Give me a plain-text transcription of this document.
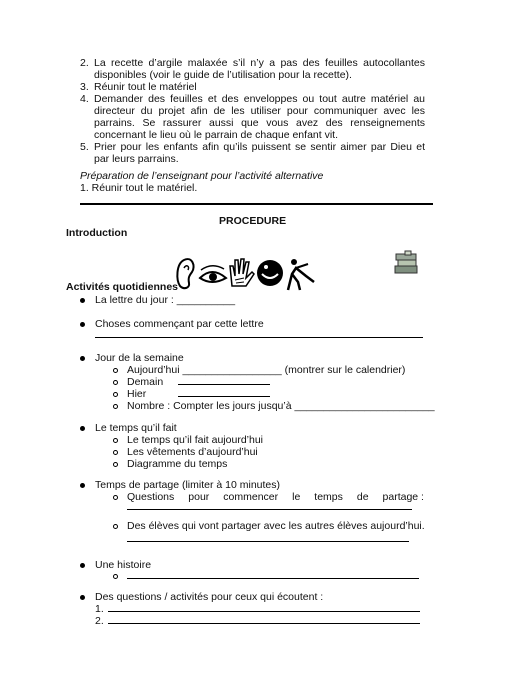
2. La recette d’argile malaxée s’il n’y a pas des feuilles autocollantes disponibles (voir le guide de l’utilisation pour la recette).
3. Réunir tout le matériel
4. Demander des feuilles et des enveloppes ou tout autre matériel au directeur du projet afin de les utiliser pour communiquer avec les parrains. Se rassurer aussi que vous avez des renseignements concernant le lieu où le parrain de chaque enfant vit.
5. Prier pour les enfants afin qu’ils puissent se sentir aimer par Dieu et par leurs parrains.
Préparation de l’enseignant pour l’activité alternative
1. Réunir tout le matériel.
PROCEDURE
Introduction
Activités quotidiennes
La lettre du jour : __________
Choses commençant par cette lettre
Jour de la semaine
Aujourd’hui _________________ (montrer sur le calendrier)
Demain
Hier
Nombre : Compter les jours jusqu’à ________________________
Le temps qu’il fait
Le temps qu’il fait aujourd’hui
Les vêtements d’aujourd’hui
Diagramme du temps
Temps de partage (limiter à 10 minutes)
Questions pour commencer le temps de partage :
Des élèves qui vont partager avec les autres élèves aujourd’hui.
Une histoire
Des questions / activités pour ceux qui écoutent :
1.
2.
